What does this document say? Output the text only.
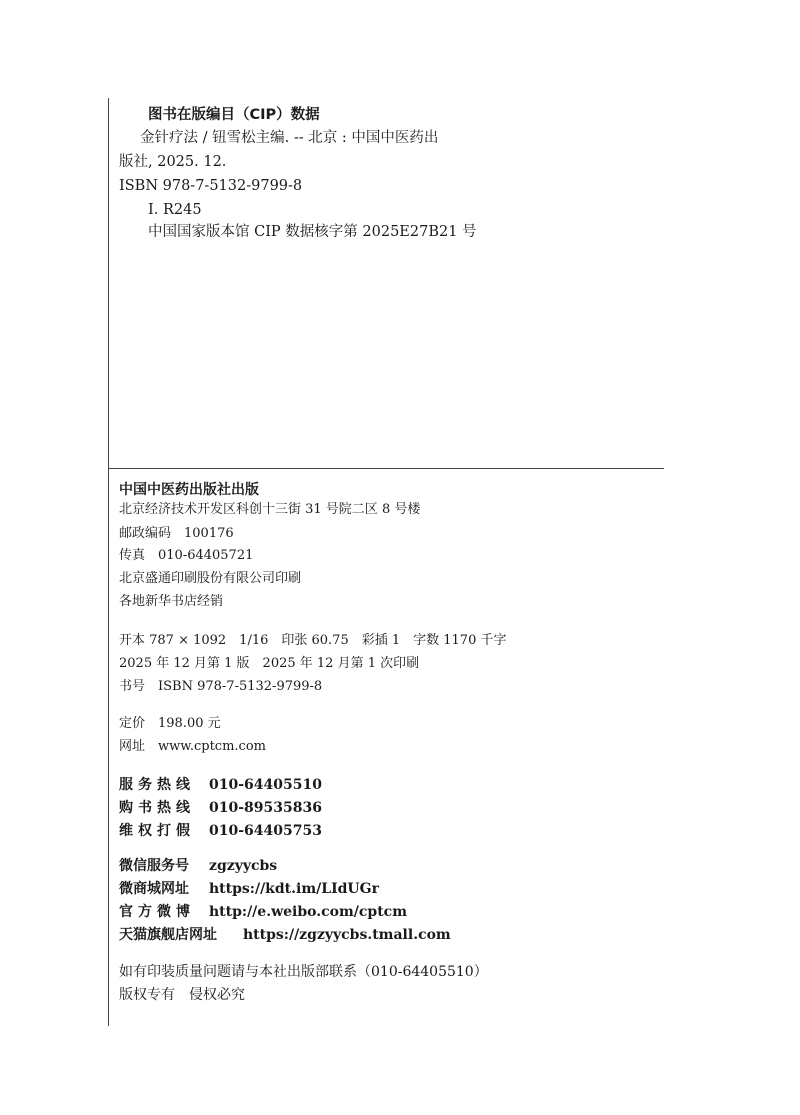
图书在版编目（CIP）数据
金针疗法 / 钮雪松主编. -- 北京 : 中国中医药出
版社, 2025. 12.
ISBN 978-7-5132-9799-8
Ⅰ. R245
中国国家版本馆 CIP 数据核字第 2025E27B21 号
中国中医药出版社出版
北京经济技术开发区科创十三街 31 号院二区 8 号楼
邮政编码　100176
传真　010-64405721
北京盛通印刷股份有限公司印刷
各地新华书店经销
开本 787 × 1092　1/16　印张 60.75　彩插 1　字数 1170 千字
2025 年 12 月第 1 版　2025 年 12 月第 1 次印刷
书号　ISBN 978-7-5132-9799-8
定价　198.00 元
网址　www.cptcm.com
服务热线 010-64405510
购书热线 010-89535836
维权打假 010-64405753
微信服务号 zgzyycbs
微商城网址 https://kdt.im/LIdUGr
官方微博 http://e.weibo.com/cptcm
天猫旗舰店网址 https://zgzyycbs.tmall.com
如有印装质量问题请与本社出版部联系（010-64405510）
版权专有　侵权必究
